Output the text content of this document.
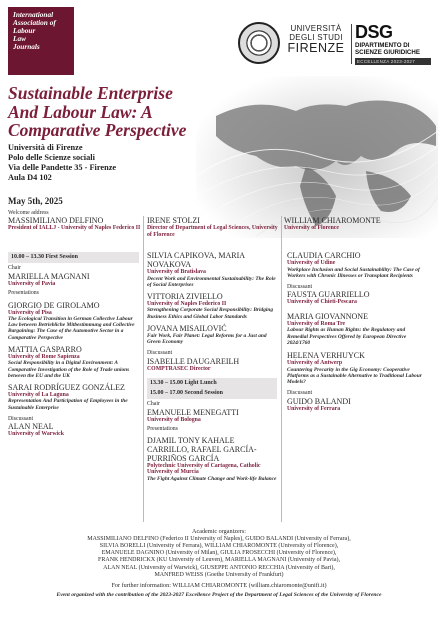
International
Association of
Labour
Law
Journals
UNIVERSITÀ
DEGLI STUDI
FIRENZE
DSG
DIPARTIMENTO DI
SCIENZE GIURIDICHE
ECCELLENZA 2023-2027
Sustainable Enterprise
And Labour Law: A
Comparative Perspective
Università di Firenze
Polo delle Scienze sociali
Via delle Pandette 35 - Firenze
Aula D4 102
May 5th, 2025
Welcome address
MASSIMILIANO DELFINO
President of IALLJ - University of Naples Federico II
IRENE STOLZI
Director of Department of Legal Sciences, University of Florence
WILLIAM CHIAROMONTE
University of Florence
10.00 – 13.30 First Session
Chair
MARIELLA MAGNANI
University of Pavia
Presentations
GIORGIO DE GIROLAMO
University of Pisa
The Ecological Transition in German Collective Labour Law between Betriebliche Mitbestimmung and Collective Bargaining: The Case of the Automotive Sector in a Comparative Perspective
MATTIA GASPARRO
University of Rome Sapienza
Social Responsibility in a Digital Environment: A Comparative Investigation of the Role of Trade unions between the EU and the UK
SARAI RODRÍGUEZ GONZÁLEZ
University of La Laguna
Representation And Participation of Employees in the Sustainable Enterprise
Discussant
ALAN NEAL
University of Warwick
SILVIA CAPIKOVA, MARIA NOVAKOVA
University of Bratislava
Decent Work and Environmental Sustainability: The Role of Social Enterprises
VITTORIA ZIVIELLO
University of Naples Federico II
Strengthening Corporate Social Responsibility: Bridging Business Ethics and Global Labor Standards
JOVANA MISAILOVIĆ
Fair Work, Fair Planet: Legal Reforms for a Just and Green Economy
Discussant
ISABELLE DAUGAREILH
COMPTRASEC Director
13.30 – 15.00 Light Lunch
15.00 – 17.00 Second Session
Chair
EMANUELE MENEGATTI
University of Bologna
Presentations
DJAMIL TONY KAHALE CARRILLO, RAFAEL GARCÍA-PURRIÑOS GARCÍA
Polytechnic University of Cartagena, Catholic University of Murcia
The Fight Against Climate Change and Work-life Balance
CLAUDIA CARCHIO
University of Udine
Workplace Inclusion and Social Sustainability: The Case of Workers with Chronic Illnesses or Transplant Recipients
Discussant
FAUSTA GUARRIELLO
University of Chieti-Pescara
MARIA GIOVANNONE
University of Roma Tre
Labour Rights as Human Rights: the Regulatory and Remedial Perspectives Offered by European Directive 2024/1760
HELENA VERHUYCK
University of Antwerp
Countering Precarity in the Gig Economy: Cooperative Platforms as a Sustainable Alternative to Traditional Labour Models?
Discussant
GUIDO BALANDI
University of Ferrara
Academic organizers:
MASSIMILIANO DELFINO (Federico II University of Naples), GUIDO BALANDI (University of Ferrara),
SILVIA BORELLI (University of Ferrara), WILLIAM CHIAROMONTE (University of Florence),
EMANUELE DAGNINO (University of Milan), GIULIA FROSECCHI (University of Florence),
FRANK HENDRICKX (KU University of Leuven), MARIELLA MAGNANI (University of Pavia),
ALAN NEAL (University of Warwick), GIUSEPPE ANTONIO RECCHIA (University of Bari),
MANFRED WEISS (Goethe University of Frankfurt)
For further information: WILLIAM CHIAROMONTE (william.chiaromonte@unifi.it)
Event organized with the contribution of the 2023-2027 Excellence Project of the Department of Legal Sciences of the University of Florence
